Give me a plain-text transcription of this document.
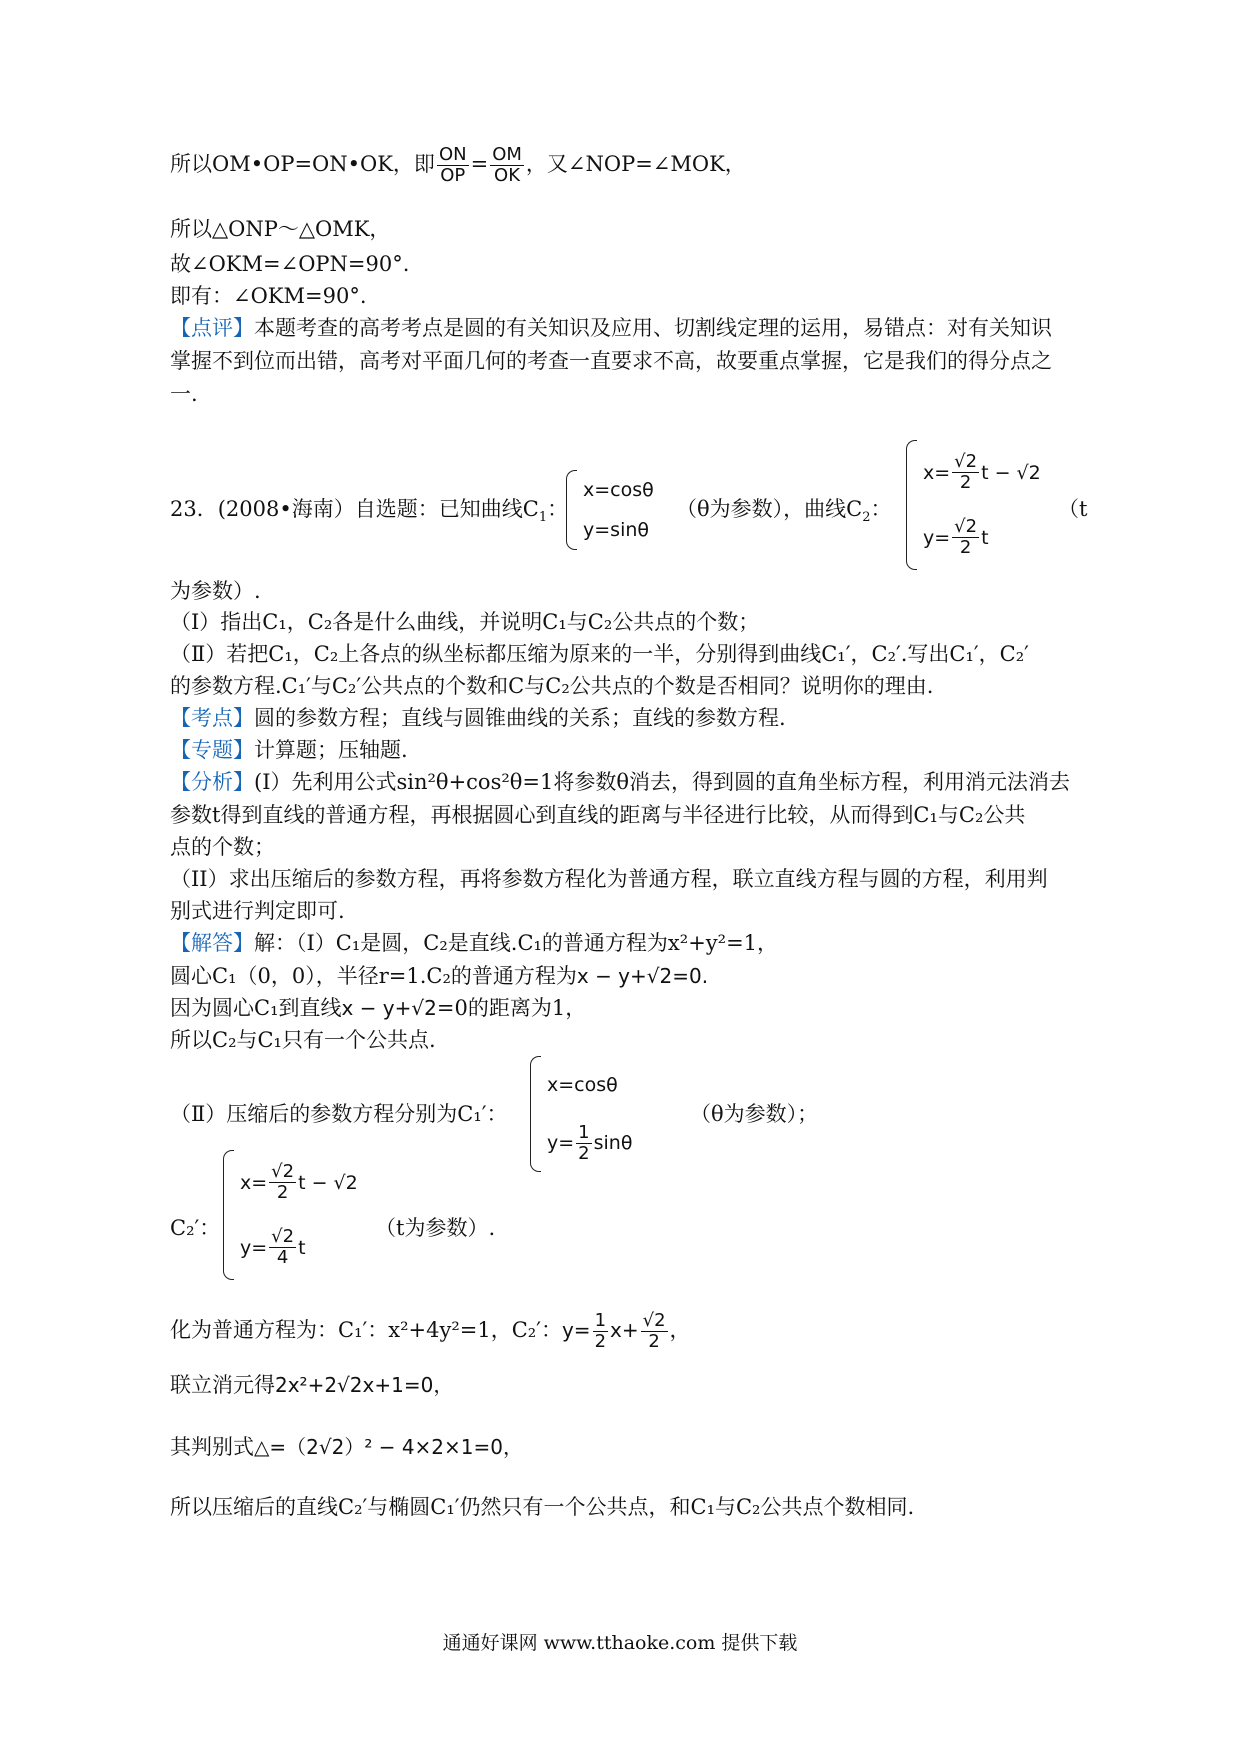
所以OM•OP=ON•OK，即 $\frac{ON}{OP} = \frac{OM}{OK}$ ，又∠NOP=∠MOK，
所以△ONP～△OMK，
故∠OKM=∠OPN=90°.
即有：∠OKM=90°.
【点评】本题考查的高考考点是圆的有关知识及应用、切割线定理的运用，易错点：对有关知识
掌握不到位而出错，高考对平面几何的考查一直要求不高，故要重点掌握，它是我们的得分点之
一.
23．(2008•海南）自选题：已知曲线$C_1$：
x=cosθ
y=sinθ
（θ为参数），曲线$C_2$：
$x= \frac{√2}{2}$ t − √2
$y= \frac{√2}{2}$ t
（t
为参数）.
（Ⅰ）指出C₁，C₂各是什么曲线，并说明C₁与C₂公共点的个数；
（Ⅱ）若把C₁，C₂上各点的纵坐标都压缩为原来的一半，分别得到曲线C₁′，C₂′.写出C₁′，C₂′
的参数方程.C₁′与C₂′公共点的个数和C与C₂公共点的个数是否相同？说明你的理由.
【考点】圆的参数方程；直线与圆锥曲线的关系；直线的参数方程.
【专题】计算题；压轴题.
【分析】(I）先利用公式sin²θ+cos²θ=1将参数θ消去，得到圆的直角坐标方程，利用消元法消去
参数t得到直线的普通方程，再根据圆心到直线的距离与半径进行比较，从而得到C₁与C₂公共
点的个数；
（II）求出压缩后的参数方程，再将参数方程化为普通方程，联立直线方程与圆的方程，利用判
别式进行判定即可.
【解答】解：（Ⅰ）C₁是圆，C₂是直线.C₁的普通方程为x²+y²=1，
圆心C₁（0，0），半径r=1.C₂的普通方程为x − y+√2=0.
因为圆心C₁到直线x − y+√2=0的距离为1，
所以C₂与C₁只有一个公共点.
（Ⅱ）压缩后的参数方程分别为C₁′：
x=cosθ
$y= \frac{1}{2}$ sinθ
（θ为参数）；
C₂′：
$x= \frac{√2}{2}$ t − √2
$y= \frac{√2}{4}$ t
（t为参数）.
化为普通方程为：C₁′：x²+4y²=1，C₂′：$y= \frac{1}{2} x+ \frac{√2}{2}$ ，
联立消元得2x²+2√2x+1=0，
其判别式△=（2√2）² − 4×2×1=0，
所以压缩后的直线C₂′与椭圆C₁′仍然只有一个公共点，和C₁与C₂公共点个数相同.
通通好课网 www.tthaoke.com 提供下载
